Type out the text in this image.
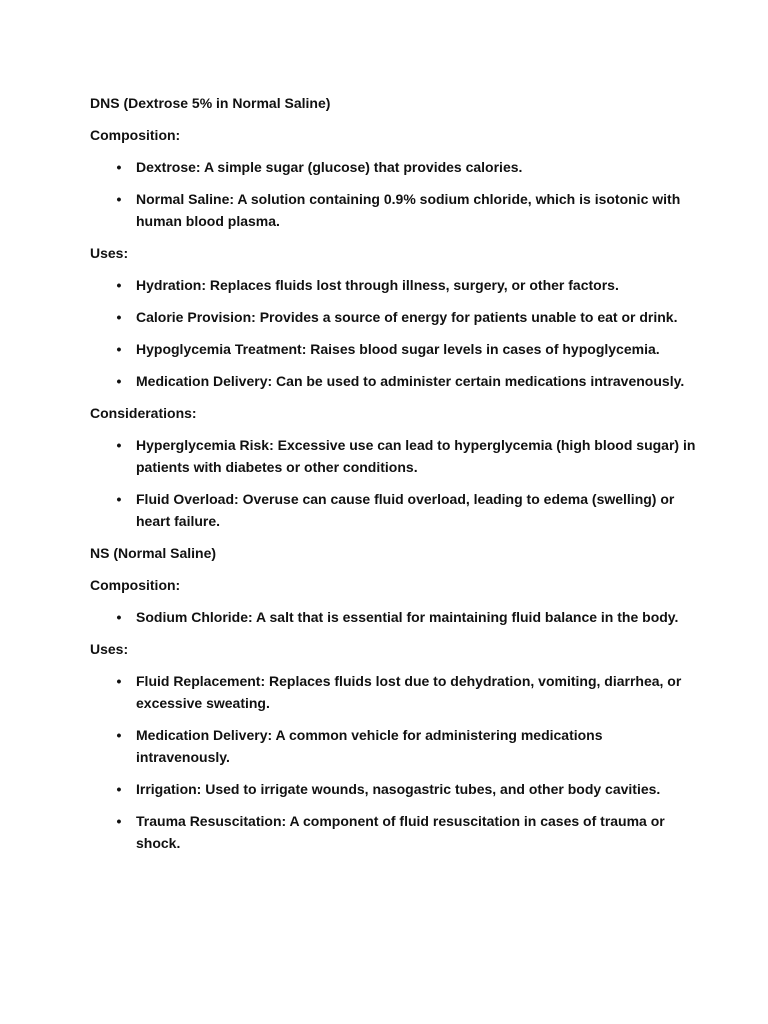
DNS (Dextrose 5% in Normal Saline)
Composition:
• Dextrose: A simple sugar (glucose) that provides calories.
• Normal Saline: A solution containing 0.9% sodium chloride, which is isotonic with human blood plasma.
Uses:
• Hydration: Replaces fluids lost through illness, surgery, or other factors.
• Calorie Provision: Provides a source of energy for patients unable to eat or drink.
• Hypoglycemia Treatment: Raises blood sugar levels in cases of hypoglycemia.
• Medication Delivery: Can be used to administer certain medications intravenously.
Considerations:
• Hyperglycemia Risk: Excessive use can lead to hyperglycemia (high blood sugar) in patients with diabetes or other conditions.
• Fluid Overload: Overuse can cause fluid overload, leading to edema (swelling) or heart failure.
NS (Normal Saline)
Composition:
• Sodium Chloride: A salt that is essential for maintaining fluid balance in the body.
Uses:
• Fluid Replacement: Replaces fluids lost due to dehydration, vomiting, diarrhea, or excessive sweating.
• Medication Delivery: A common vehicle for administering medications intravenously.
• Irrigation: Used to irrigate wounds, nasogastric tubes, and other body cavities.
• Trauma Resuscitation: A component of fluid resuscitation in cases of trauma or shock.
